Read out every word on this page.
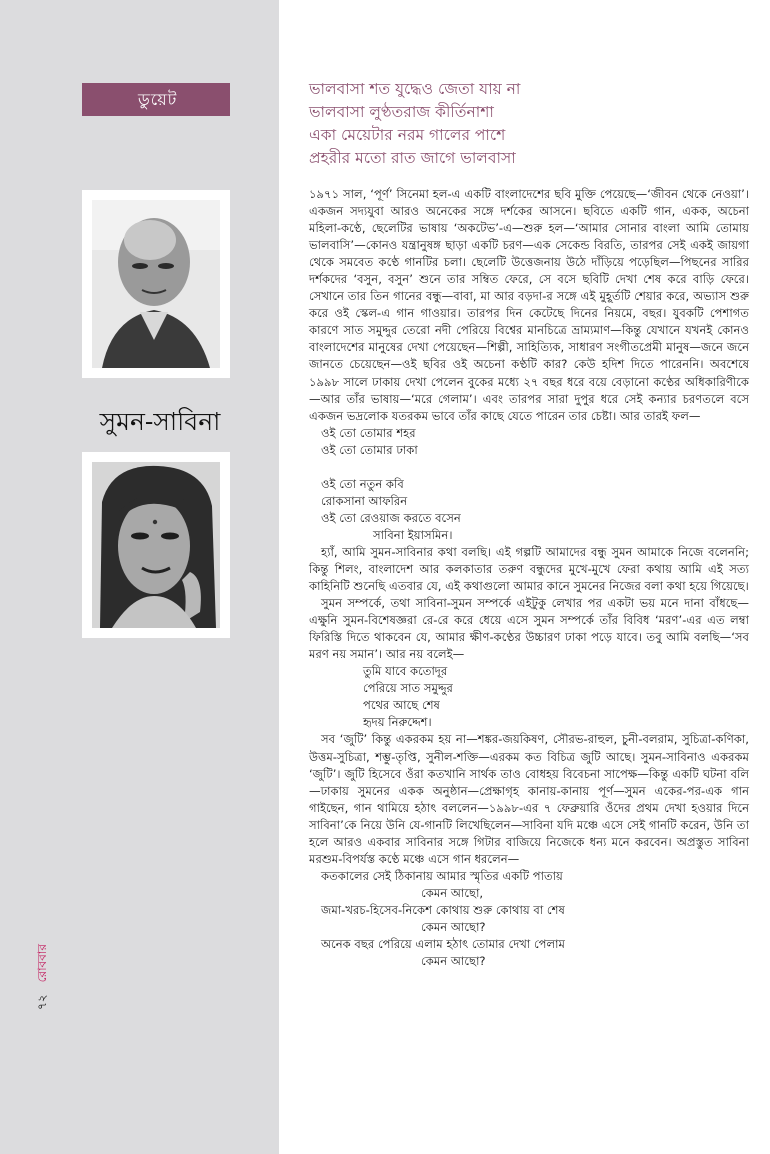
ডুয়েট
সুমন-সাবিনা
৭২রোববার
ভালবাসা শত যুদ্ধেও জেতা যায় না
ভালবাসা লুণ্ঠতরাজ কীর্তিনাশা
একা মেয়েটার নরম গালের পাশে
প্রহরীর মতো রাত জাগে ভালবাসা

১৯৭১ সাল, ‘পূর্ণ’ সিনেমা হল-এ একটি বাংলাদেশের ছবি মুক্তি পেয়েছে—‘জীবন থেকে নেওয়া’। একজন সদ্যযুবা আরও অনেকের সঙ্গে দর্শকের আসনে। ছবিতে একটি গান, একক, অচেনা মহিলা-কণ্ঠে, ছেলেটির ভাষায় ‘অকটেভ’-এ—শুরু হল—‘আমার সোনার বাংলা আমি তোমায় ভালবাসি’—কোনও যন্ত্রানুষঙ্গ ছাড়া একটি চরণ—এক সেকেন্ড বিরতি, তারপর সেই একই জায়গা থেকে সমবেত কণ্ঠে গানটির চলা। ছেলেটি উত্তেজনায় উঠে দাঁড়িয়ে পড়েছিল—পিছনের সারির দর্শকদের ‘বসুন, বসুন’ শুনে তার সম্বিত ফেরে, সে বসে ছবিটি দেখা শেষ করে বাড়ি ফেরে। সেখানে তার তিন গানের বন্ধু—বাবা, মা আর বড়দা-র সঙ্গে এই মুহূর্তটি শেয়ার করে, অভ্যাস শুরু করে ওই স্কেল-এ গান গাওয়ার। তারপর দিন কেটেছে দিনের নিয়মে, বছর। যুবকটি পেশাগত কারণে সাত সমুদ্দুর তেরো নদী পেরিয়ে বিশ্বের মানচিত্রে ভ্রাম্যমাণ—কিন্তু যেখানে যখনই কোনও বাংলাদেশের মানুষের দেখা পেয়েছেন—শিল্পী, সাহিত্যিক, সাধারণ সংগীতপ্রেমী মানুষ—জনে জনে জানতে চেয়েছেন—ওই ছবির ওই অচেনা কণ্ঠটি কার? কেউ হদিশ দিতে পারেননি। অবশেষে ১৯৯৮ সালে ঢাকায় দেখা পেলেন বুকের মধ্যে ২৭ বছর ধরে বয়ে বেড়ানো কণ্ঠের অধিকারিণীকে—আর তাঁর ভাষায়—‘মরে গেলাম’। এবং তারপর সারা দুপুর ধরে সেই কন্যার চরণতলে বসে একজন ভদ্রলোক যতরকম ভাবে তাঁর কাছে যেতে পারেন তার চেষ্টা। আর তারই ফল—

ওই তো তোমার শহর
ওই তো তোমার ঢাকা
ওই তো নতুন কবি
রোকসানা আফরিন
ওই তো রেওয়াজ করতে বসেন
সাবিনা ইয়াসমিন।

হ্যাঁ, আমি সুমন-সাবিনার কথা বলছি। এই গল্পটি আমাদের বন্ধু সুমন আমাকে নিজে বলেননি; কিন্তু শিলং, বাংলাদেশ আর কলকাতার তরুণ বন্ধুদের মুখে-মুখে ফেরা কথায় আমি এই সত্য কাহিনিটি শুনেছি এতবার যে, এই কথাগুলো আমার কানে সুমনের নিজের বলা কথা হয়ে গিয়েছে।

সুমন সম্পর্কে, তথা সাবিনা-সুমন সম্পর্কে এইটুকু লেখার পর একটা ভয় মনে দানা বাঁধছে—এক্ষুনি সুমন-বিশেষজ্ঞরা রে-রে করে ধেয়ে এসে সুমন সম্পর্কে তাঁর বিবিধ ‘মরণ’-এর এত লম্বা ফিরিস্তি দিতে থাকবেন যে, আমার ক্ষীণ-কণ্ঠের উচ্চারণ ঢাকা পড়ে যাবে। তবু আমি বলছি—‘সব মরণ নয় সমান’। আর নয় বলেই—

তুমি যাবে কতোদূর
পেরিয়ে সাত সমুদ্দুর
পথের আছে শেষ
হৃদয় নিরুদ্দেশ।

সব ‘জুটি’ কিন্তু একরকম হয় না—শঙ্কর-জয়কিষণ, সৌরভ-রাহুল, চুনী-বলরাম, সুচিত্রা-কণিকা, উত্তম-সুচিত্রা, শম্ভু-তৃপ্তি, সুনীল-শক্তি—এরকম কত বিচিত্র জুটি আছে। সুমন-সাবিনাও একরকম ‘জুটি’। জুটি হিসেবে ওঁরা কতখানি সার্থক তাও বোধহয় বিবেচনা সাপেক্ষ—কিন্তু একটি ঘটনা বলি—ঢাকায় সুমনের একক অনুষ্ঠান—প্রেক্ষাগৃহ কানায়-কানায় পূর্ণ—সুমন একের-পর-এক গান গাইছেন, গান থামিয়ে হঠাৎ বললেন—১৯৯৮-এর ৭ ফেব্রুয়ারি ওঁদের প্রথম দেখা হওয়ার দিনে সাবিনা’কে নিয়ে উনি যে-গানটি লিখেছিলেন—সাবিনা যদি মঞ্চে এসে সেই গানটি করেন, উনি তা হলে আরও একবার সাবিনার সঙ্গে গিটার বাজিয়ে নিজেকে ধন্য মনে করবেন। অপ্রস্তুত সাবিনা মরশুম-বিপর্যস্ত কণ্ঠে মঞ্চে এসে গান ধরলেন—

কতকালের সেই ঠিকানায় আমার স্মৃতির একটি পাতায়
কেমন আছো,
জমা-খরচ-হিসেব-নিকেশ কোথায় শুরু কোথায় বা শেষ
কেমন আছো?
অনেক বছর পেরিয়ে এলাম হঠাৎ তোমার দেখা পেলাম
কেমন আছো?
